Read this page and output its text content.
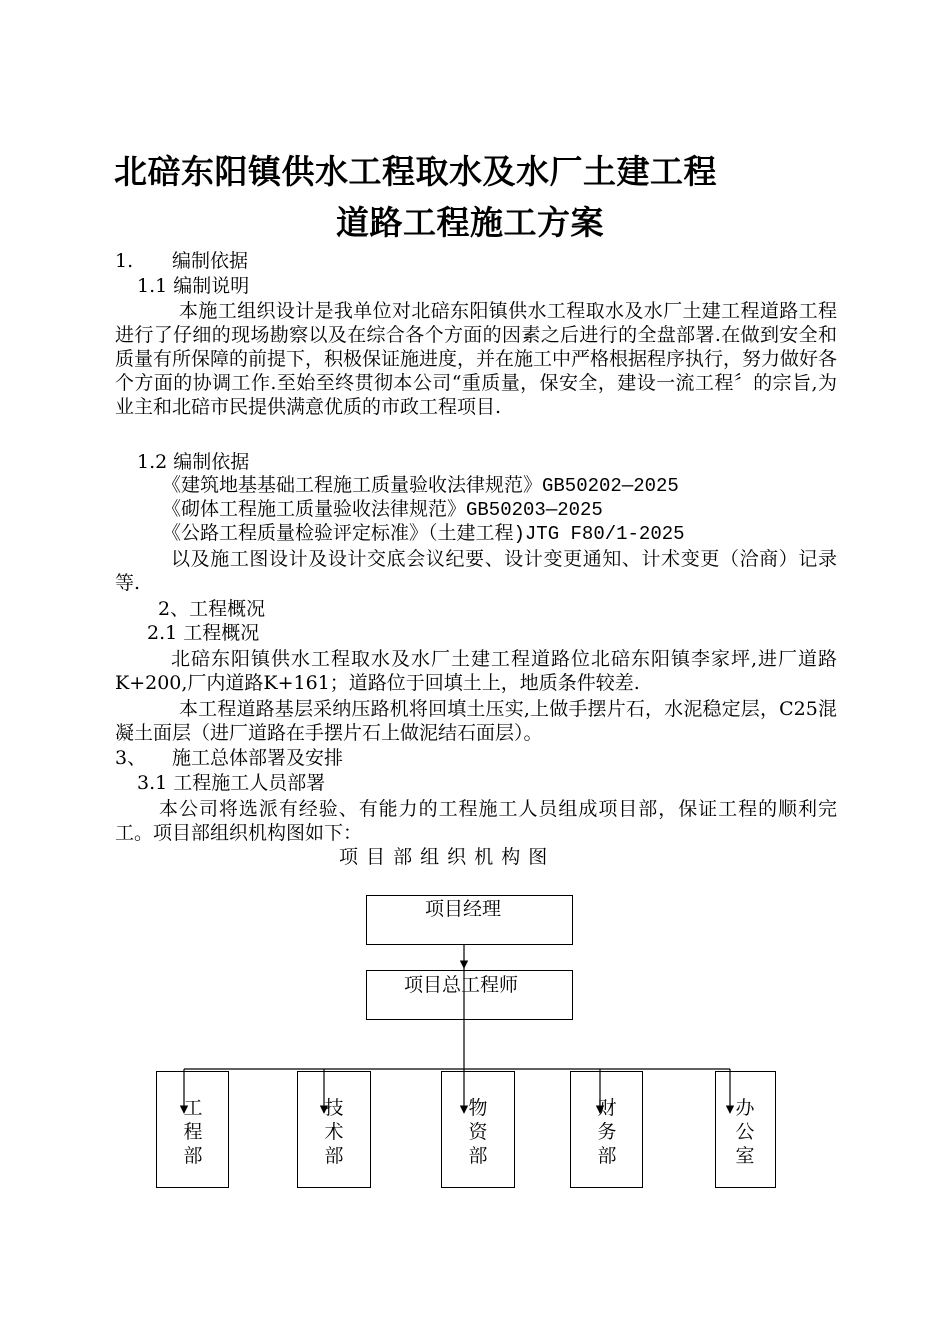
北碚东阳镇供水工程取水及水厂土建工程
道路工程施工方案
1. 编制依据
1.1 编制说明
本施工组织设计是我单位对北碚东阳镇供水工程取水及水厂土建工程道路工程进行了仔细的现场勘察以及在综合各个方面的因素之后进行的全盘部署.在做到安全和质量有所保障的前提下，积极保证施进度，并在施工中严格根据程序执行，努力做好各个方面的协调工作.至始至终贯彻本公司“重质量，保安全，建设一流工程〞的宗旨,为业主和北碚市民提供满意优质的市政工程项目.
1.2 编制依据
《建筑地基基础工程施工质量验收法律规范》GB50202—2025
《砌体工程施工质量验收法律规范》GB50203—2025
《公路工程质量检验评定标准》（土建工程)JTG F80/1-2025
以及施工图设计及设计交底会议纪要、设计变更通知、计术变更（洽商）记录等.
2、工程概况
2.1 工程概况
北碚东阳镇供水工程取水及水厂土建工程道路位北碚东阳镇李家坪,进厂道路K+200,厂内道路K+161；道路位于回填土上，地质条件较差.
本工程道路基层采纳压路机将回填土压实,上做手摆片石，水泥稳定层，C25混凝土面层（进厂道路在手摆片石上做泥结石面层）。
3、 施工总体部署及安排
3.1 工程施工人员部署
本公司将选派有经验、有能力的工程施工人员组成项目部，保证工程的顺利完工。项目部组织机构图如下：
项 目 部 组 织 机 构 图
项目经理
项目总工程师
工程部
技术部
物资部
财务部
办公室
